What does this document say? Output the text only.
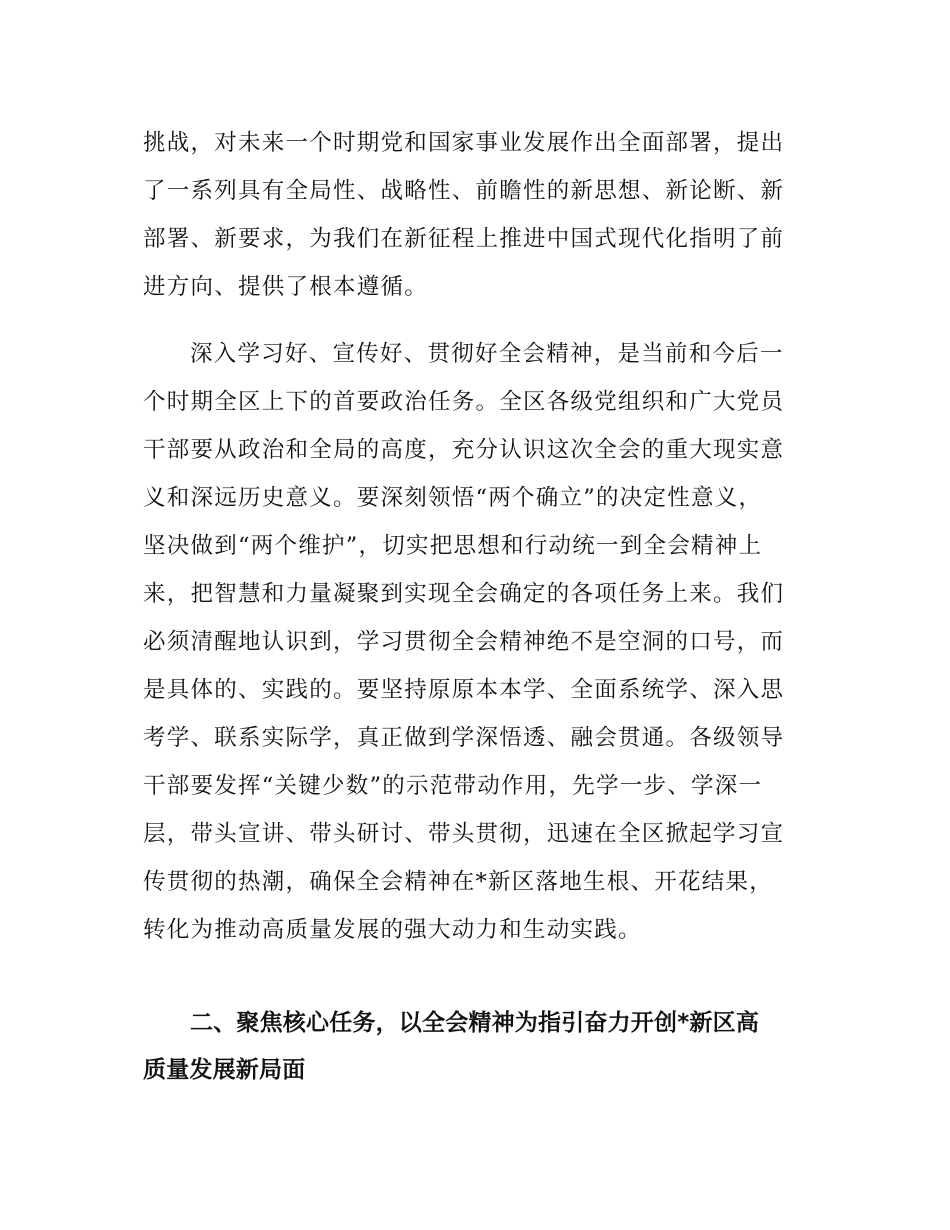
挑战，对未来一个时期党和国家事业发展作出全面部署，提出
了一系列具有全局性、战略性、前瞻性的新思想、新论断、新
部署、新要求，为我们在新征程上推进中国式现代化指明了前
进方向、提供了根本遵循。
深入学习好、宣传好、贯彻好全会精神，是当前和今后一
个时期全区上下的首要政治任务。全区各级党组织和广大党员
干部要从政治和全局的高度，充分认识这次全会的重大现实意
义和深远历史意义。要深刻领悟“两个确立”的决定性意义，
坚决做到“两个维护”，切实把思想和行动统一到全会精神上
来，把智慧和力量凝聚到实现全会确定的各项任务上来。我们
必须清醒地认识到，学习贯彻全会精神绝不是空洞的口号，而
是具体的、实践的。要坚持原原本本学、全面系统学、深入思
考学、联系实际学，真正做到学深悟透、融会贯通。各级领导
干部要发挥“关键少数”的示范带动作用，先学一步、学深一
层，带头宣讲、带头研讨、带头贯彻，迅速在全区掀起学习宣
传贯彻的热潮，确保全会精神在*新区落地生根、开花结果，
转化为推动高质量发展的强大动力和生动实践。
二、聚焦核心任务，以全会精神为指引奋力开创*新区高
质量发展新局面
